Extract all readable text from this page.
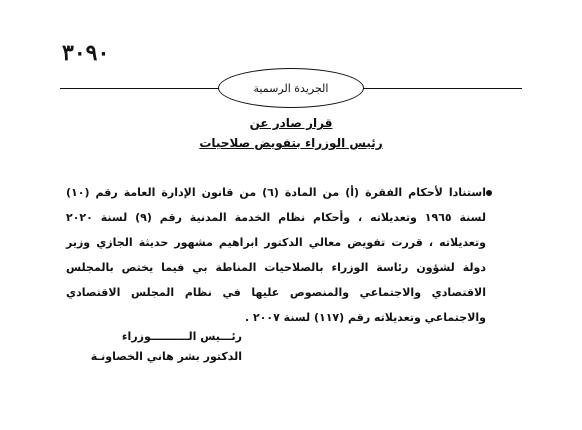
٣٠٩٠
الجريدة الرسمية
قرار صادر عن
رئيس الوزراء بتفويض صلاحيات
استنادا لأحكام الفقرة (أ) من المادة (٦) من قانون الإدارة العامة رقم (١٠) لسنة ١٩٦٥ وتعديلاته ، وأحكام نظام الخدمة المدنية رقم (٩) لسنة ٢٠٢٠ وتعديلاته ، قررت تفويض معالي الدكتور ابراهيم مشهور حديثة الجازي وزير دولة لشؤون رئاسة الوزراء بالصلاحيات المناطة بي فيما يختص بالمجلس الاقتصادي والاجتماعي والمنصوص عليها في نظام المجلس الاقتصادي والاجتماعي وتعديلاته رقم (١١٧) لسنة ٢٠٠٧ .
رئـــيس الــــــــــوزراء
الدكتور بشر هاني الخصاونـة
